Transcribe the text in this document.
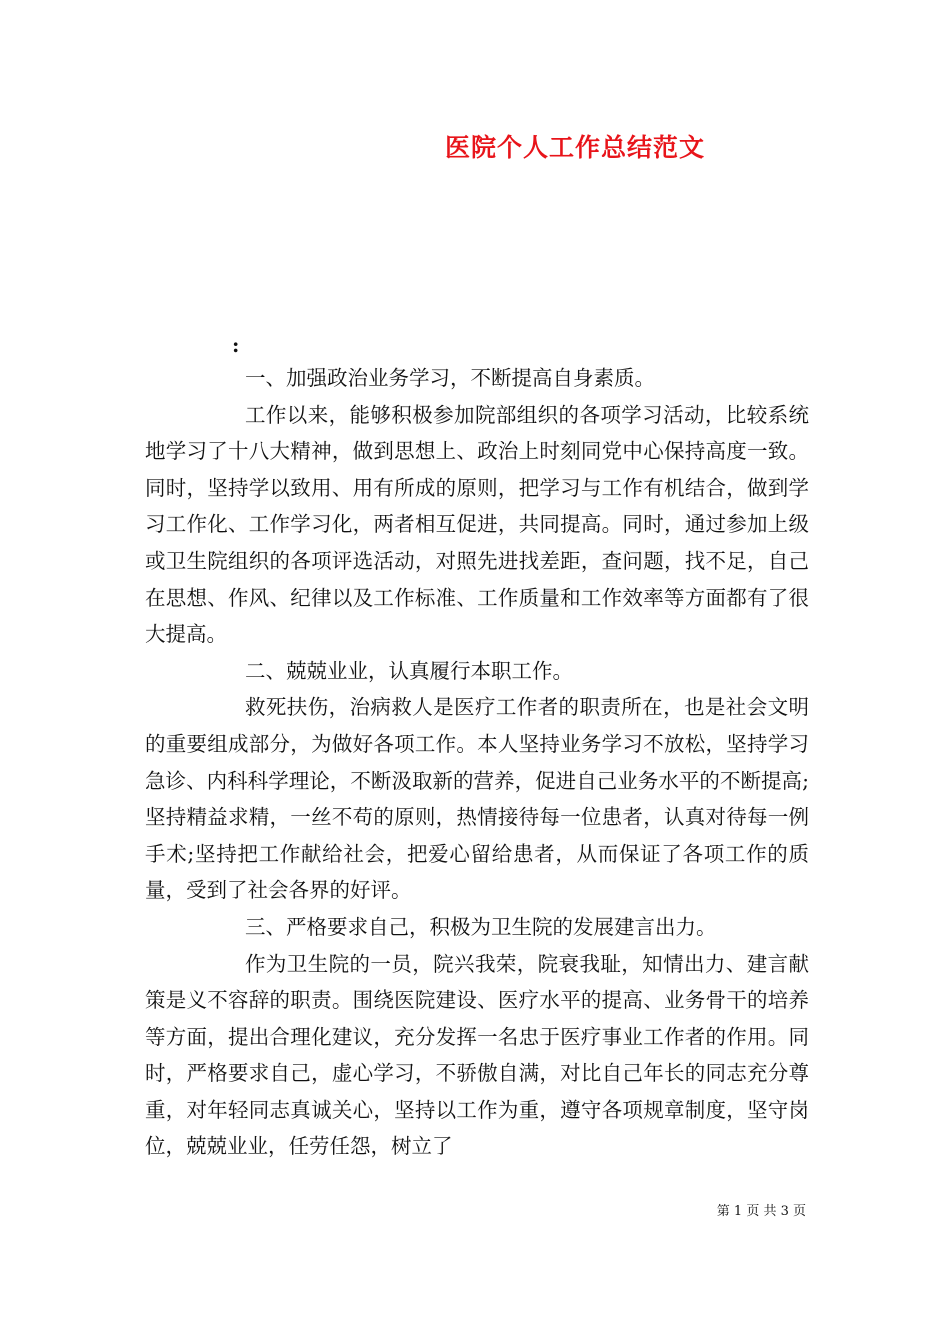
医院个人工作总结范文
:

一、加强政治业务学习，不断提高自身素质。

工作以来，能够积极参加院部组织的各项学习活动，比较系统地学习了十八大精神，做到思想上、政治上时刻同党中心保持高度一致。同时，坚持学以致用、用有所成的原则，把学习与工作有机结合，做到学习工作化、工作学习化，两者相互促进，共同提高。同时，通过参加上级或卫生院组织的各项评选活动，对照先进找差距，查问题，找不足，自己在思想、作风、纪律以及工作标准、工作质量和工作效率等方面都有了很大提高。

二、兢兢业业，认真履行本职工作。

救死扶伤，治病救人是医疗工作者的职责所在，也是社会文明的重要组成部分，为做好各项工作。本人坚持业务学习不放松，坚持学习急诊、内科科学理论，不断汲取新的营养，促进自己业务水平的不断提高;坚持精益求精，一丝不苟的原则，热情接待每一位患者，认真对待每一例手术;坚持把工作献给社会，把爱心留给患者，从而保证了各项工作的质量，受到了社会各界的好评。

三、严格要求自己，积极为卫生院的发展建言出力。

作为卫生院的一员，院兴我荣，院衰我耻，知情出力、建言献策是义不容辞的职责。围绕医院建设、医疗水平的提高、业务骨干的培养等方面，提出合理化建议，充分发挥一名忠于医疗事业工作者的作用。同时，严格要求自己，虚心学习，不骄傲自满，对比自己年长的同志充分尊重，对年轻同志真诚关心，坚持以工作为重，遵守各项规章制度，坚守岗位，兢兢业业，任劳任怨，树立了

第 1 页 共 3 页
